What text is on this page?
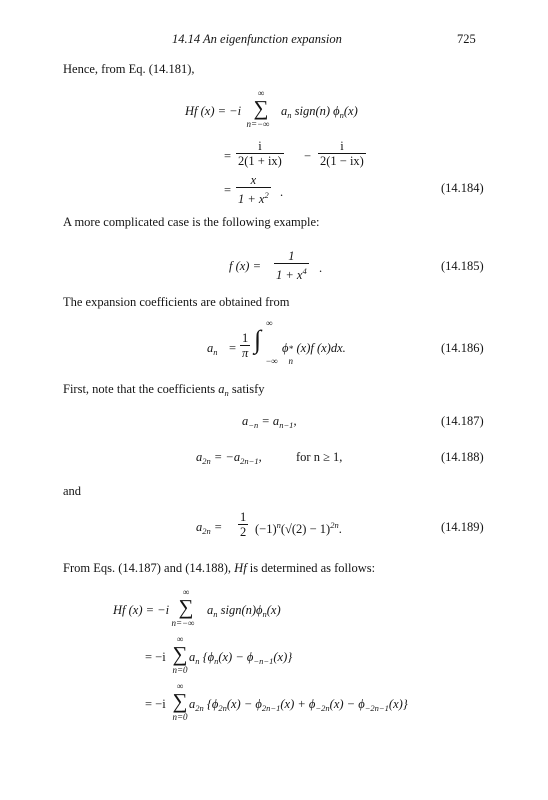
14.14 An eigenfunction expansion	725
Hence, from Eq. (14.181),
Hf (x) = −i
∞
∑
n=−∞
$a_n$ sign(n) $\phi_n(x)$
= $\frac{i}{2(1 + ix)} - \frac{i}{2(1 - ix)}$
= $\frac{x}{1 + x^2}$ .	(14.184)
A more complicated case is the following example:
f $(x) = \frac{1}{1 + x^4}$ .	(14.185)
The expansion coefficients are obtained from
$a_n = \frac{1}{\pi}$
∞
∫
−∞
ϕ *
n
(x)f (x)dx.	(14.186)
First, note that the coefficients $a_n$ satisfy
$a_{-n} = a_{n-1}$,	(14.187)
$a_{2n} = -a_{2n-1}$,	for n ≥ 1,	(14.188)
and
$a_{2n} = \frac{1}{2} (-1)^n(√(2) - 1)^{2n}$.	(14.189)
From Eqs. (14.187) and (14.188), Hf is determined as follows:
Hf (x) = −i
∞
∑
n=−∞
$a_n$ $sign(n)\phi_n(x)$
= −i
∞
∑
n=0
$a_n$ $\{\phi_n(x) - \phi_{-n-1}(x)\}$
= −i
∞
∑
n=0
$a_{2n}$ $\{\phi_{2n}(x) - \phi_{2n-1}(x) + \phi_{-2n}(x) - \phi_{-2n-1}(x)\}$
